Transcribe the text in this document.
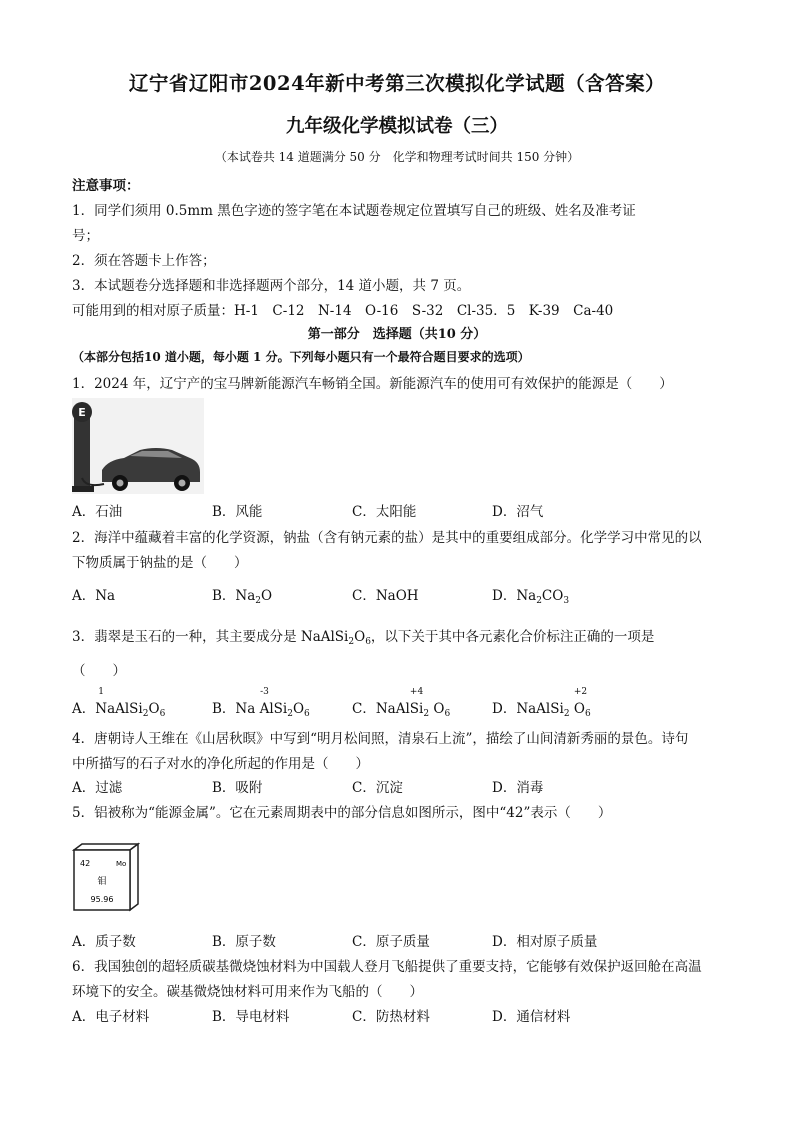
辽宁省辽阳市2024年新中考第三次模拟化学试题（含答案）
九年级化学模拟试卷（三）
（本试卷共 14 道题满分 50 分　化学和物理考试时间共 150 分钟）
注意事项：
1．同学们须用 0.5mm 黑色字迹的签字笔在本试题卷规定位置填写自己的班级、姓名及准考证
号；
2．须在答题卡上作答；
3．本试题卷分选择题和非选择题两个部分，14 道小题，共 7 页。
可能用到的相对原子质量：H-1　C-12　N-14　O-16　S-32　Cl-35．5　K-39　Ca-40
第一部分　选择题（共10 分）
（本部分包括10 道小题，每小题 1 分。下列每小题只有一个最符合题目要求的选项）
1．2024 年，辽宁产的宝马牌新能源汽车畅销全国。新能源汽车的使用可有效保护的能源是（　　）
E
A．石油	B．风能	C．太阳能	D．沼气
2．海洋中蕴藏着丰富的化学资源，钠盐（含有钠元素的盐）是其中的重要组成部分。化学学习中常见的以
下物质属于钠盐的是（　　）
A．Na	B．$Na_2O$	C．NaOH	D．$Na_2CO_3$
3．翡翠是玉石的一种，其主要成分是 $NaAlSi_2O_6$，以下关于其中各元素化合价标注正确的一项是
（　　）
A．
1
$NaAlSi_2O_6$	B．Na
-3
$AlSi_2O_6$	C．NaAl
+4
$Si_2$ $O_6$	D．NaAlSi$_2$
+2
$O_6$
4．唐朝诗人王维在《山居秋暝》中写到“明月松间照，清泉石上流”，描绘了山间清新秀丽的景色。诗句
中所描写的石子对水的净化所起的作用是（　　）
A．过滤	B．吸附	C．沉淀	D．消毒
5．铝被称为“能源金属”。它在元素周期表中的部分信息如图所示，图中“42”表示（　　）
42	Mo
钼
95.96
A．质子数	B．原子数	C．原子质量	D．相对原子质量
6．我国独创的超轻质碳基微烧蚀材料为中国载人登月飞船提供了重要支持，它能够有效保护返回舱在高温
环境下的安全。碳基微烧蚀材料可用来作为飞船的（　　）
A．电子材料	B．导电材料	C．防热材料	D．通信材料
